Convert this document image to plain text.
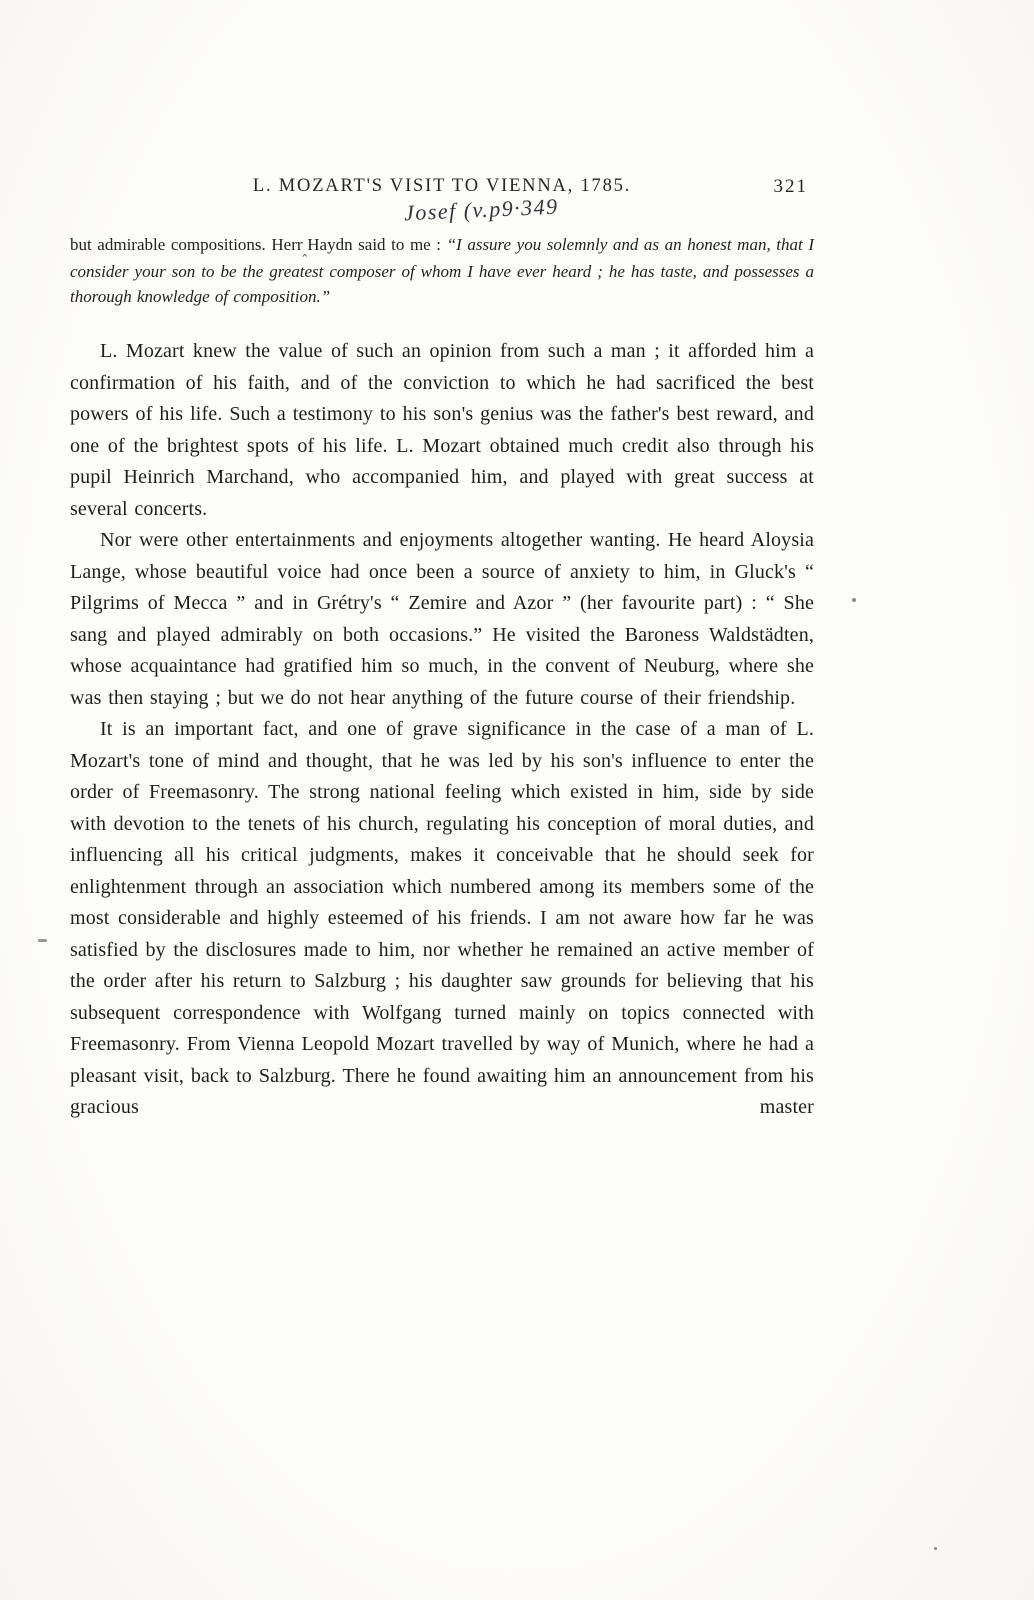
L. MOZART'S VISIT TO VIENNA, 1785.	321
Josef (v.p9·349
but admirable compositions. Herr‸Haydn said to me : “I assure you solemnly and as an honest man, that I consider your son to be the greatest composer of whom I have ever heard ; he has taste, and possesses a thorough knowledge of composition.”

L. Mozart knew the value of such an opinion from such a man ; it afforded him a confirmation of his faith, and of the conviction to which he had sacrificed the best powers of his life. Such a testimony to his son's genius was the father's best reward, and one of the brightest spots of his life. L. Mozart obtained much credit also through his pupil Heinrich Marchand, who accompanied him, and played with great success at several concerts.

Nor were other entertainments and enjoyments altogether wanting. He heard Aloysia Lange, whose beautiful voice had once been a source of anxiety to him, in Gluck's “ Pilgrims of Mecca ” and in Grétry's “ Zemire and Azor ” (her favourite part) : “ She sang and played admirably on both occasions.” He visited the Baroness Waldstädten, whose acquaintance had gratified him so much, in the convent of Neuburg, where she was then staying ; but we do not hear anything of the future course of their friendship.

It is an important fact, and one of grave significance in the case of a man of L. Mozart's tone of mind and thought, that he was led by his son's influence to enter the order of Freemasonry. The strong national feeling which existed in him, side by side with devotion to the tenets of his church, regulating his conception of moral duties, and influencing all his critical judgments, makes it conceivable that he should seek for enlightenment through an association which numbered among its members some of the most considerable and highly esteemed of his friends. I am not aware how far he was satisfied by the disclosures made to him, nor whether he remained an active member of the order after his return to Salzburg ; his daughter saw grounds for believing that his subsequent correspondence with Wolfgang turned mainly on topics connected with Freemasonry. From Vienna Leopold Mozart travelled by way of Munich, where he had a pleasant visit, back to Salzburg. There he found awaiting him an announcement from his gracious master
